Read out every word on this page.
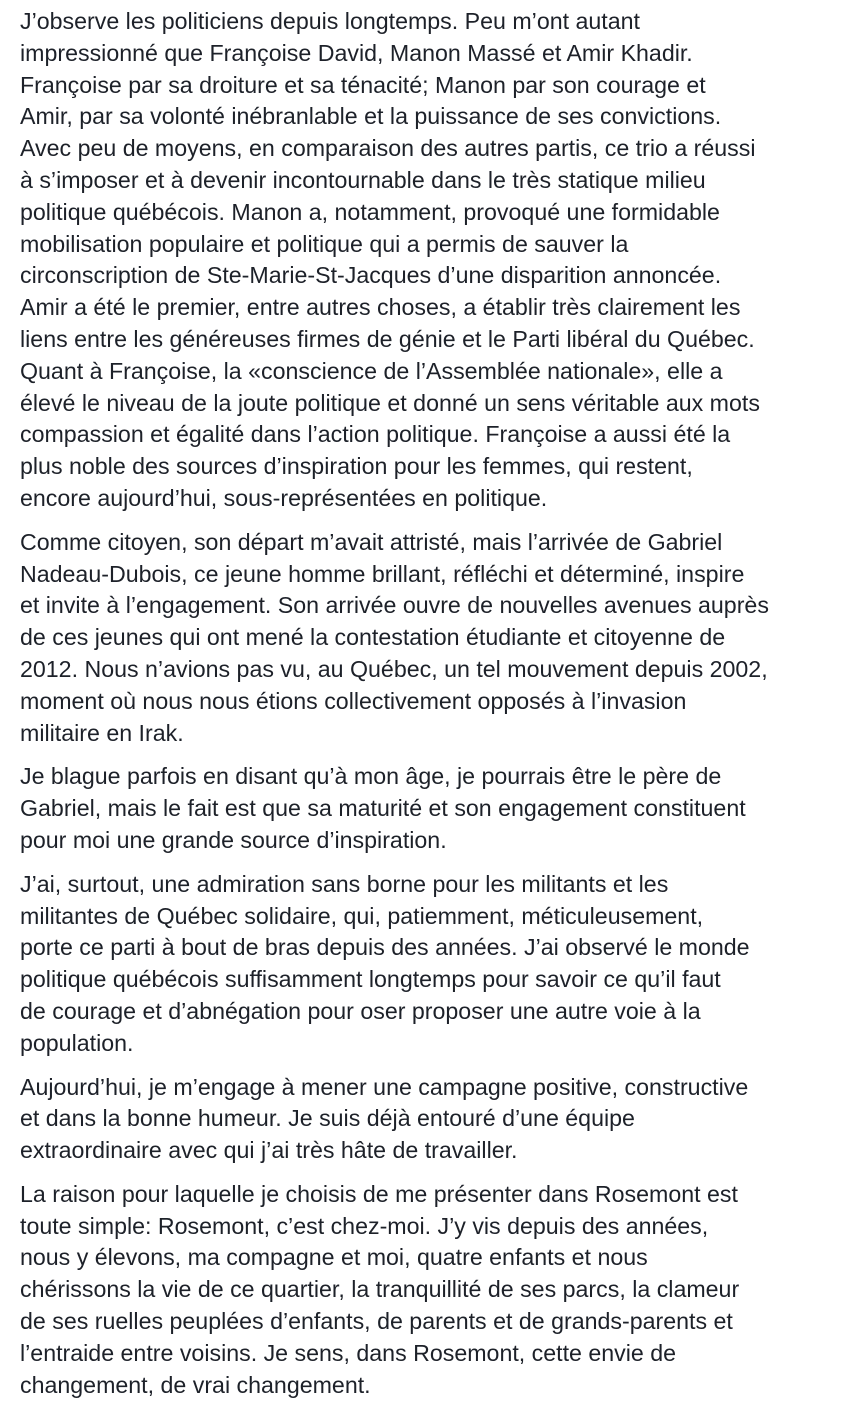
J’observe les politiciens depuis longtemps. Peu m’ont autant
impressionné que Françoise David, Manon Massé et Amir Khadir.
Françoise par sa droiture et sa ténacité; Manon par son courage et
Amir, par sa volonté inébranlable et la puissance de ses convictions.
Avec peu de moyens, en comparaison des autres partis, ce trio a réussi
à s’imposer et à devenir incontournable dans le très statique milieu
politique québécois. Manon a, notamment, provoqué une formidable
mobilisation populaire et politique qui a permis de sauver la
circonscription de Ste-Marie-St-Jacques d’une disparition annoncée.
Amir a été le premier, entre autres choses, a établir très clairement les
liens entre les généreuses firmes de génie et le Parti libéral du Québec.
Quant à Françoise, la «conscience de l’Assemblée nationale», elle a
élevé le niveau de la joute politique et donné un sens véritable aux mots
compassion et égalité dans l’action politique. Françoise a aussi été la
plus noble des sources d’inspiration pour les femmes, qui restent,
encore aujourd’hui, sous-représentées en politique.

Comme citoyen, son départ m’avait attristé, mais l’arrivée de Gabriel
Nadeau-Dubois, ce jeune homme brillant, réfléchi et déterminé, inspire
et invite à l’engagement. Son arrivée ouvre de nouvelles avenues auprès
de ces jeunes qui ont mené la contestation étudiante et citoyenne de
2012. Nous n’avions pas vu, au Québec, un tel mouvement depuis 2002,
moment où nous nous étions collectivement opposés à l’invasion
militaire en Irak.

Je blague parfois en disant qu’à mon âge, je pourrais être le père de
Gabriel, mais le fait est que sa maturité et son engagement constituent
pour moi une grande source d’inspiration.

J’ai, surtout, une admiration sans borne pour les militants et les
militantes de Québec solidaire, qui, patiemment, méticuleusement,
porte ce parti à bout de bras depuis des années. J’ai observé le monde
politique québécois suffisamment longtemps pour savoir ce qu’il faut
de courage et d’abnégation pour oser proposer une autre voie à la
population.

Aujourd’hui, je m’engage à mener une campagne positive, constructive
et dans la bonne humeur. Je suis déjà entouré d’une équipe
extraordinaire avec qui j’ai très hâte de travailler.

La raison pour laquelle je choisis de me présenter dans Rosemont est
toute simple: Rosemont, c’est chez-moi. J’y vis depuis des années,
nous y élevons, ma compagne et moi, quatre enfants et nous
chérissons la vie de ce quartier, la tranquillité de ses parcs, la clameur
de ses ruelles peuplées d’enfants, de parents et de grands-parents et
l’entraide entre voisins. Je sens, dans Rosemont, cette envie de
changement, de vrai changement.
